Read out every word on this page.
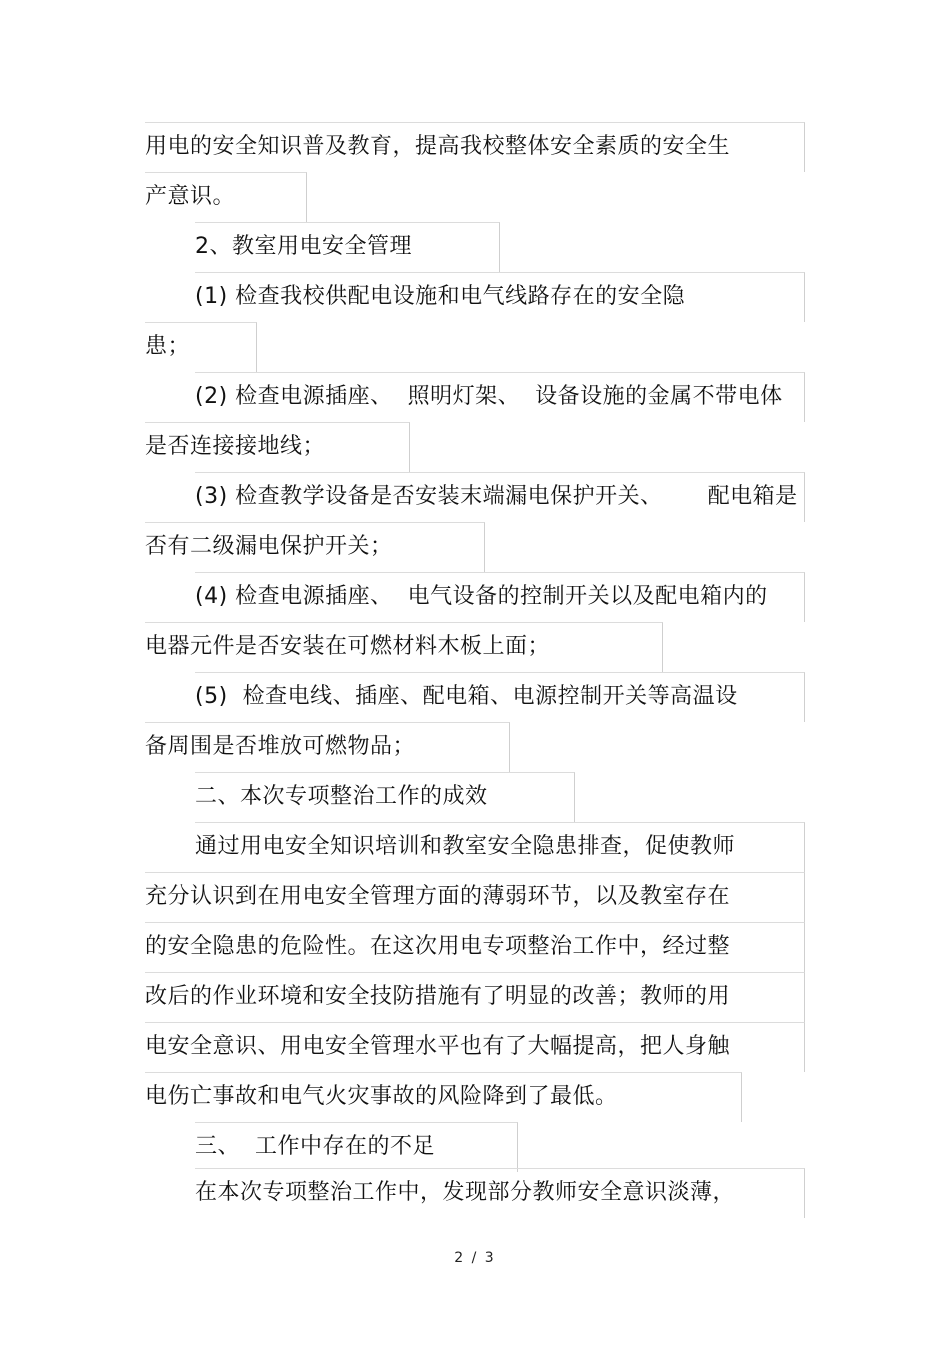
用电的安全知识普及教育，提高我校整体安全素质的安全生
产意识。
2、教室用电安全管理
(1) 检查我校供配电设施和电气线路存在的安全隐
患；
(2) 检查电源插座、  照明灯架、  设备设施的金属不带电体
是否连接接地线；
(3) 检查教学设备是否安装末端漏电保护开关、      配电箱是
否有二级漏电保护开关；
(4) 检查电源插座、  电气设备的控制开关以及配电箱内的
电器元件是否安装在可燃材料木板上面；
(5)  检查电线、插座、配电箱、电源控制开关等高温设
备周围是否堆放可燃物品；
二、本次专项整治工作的成效
通过用电安全知识培训和教室安全隐患排查，促使教师
充分认识到在用电安全管理方面的薄弱环节，以及教室存在
的安全隐患的危险性。在这次用电专项整治工作中，经过整
改后的作业环境和安全技防措施有了明显的改善；教师的用
电安全意识、用电安全管理水平也有了大幅提高，把人身触
电伤亡事故和电气火灾事故的风险降到了最低。
三、  工作中存在的不足
在本次专项整治工作中，发现部分教师安全意识淡薄，
2 / 3
